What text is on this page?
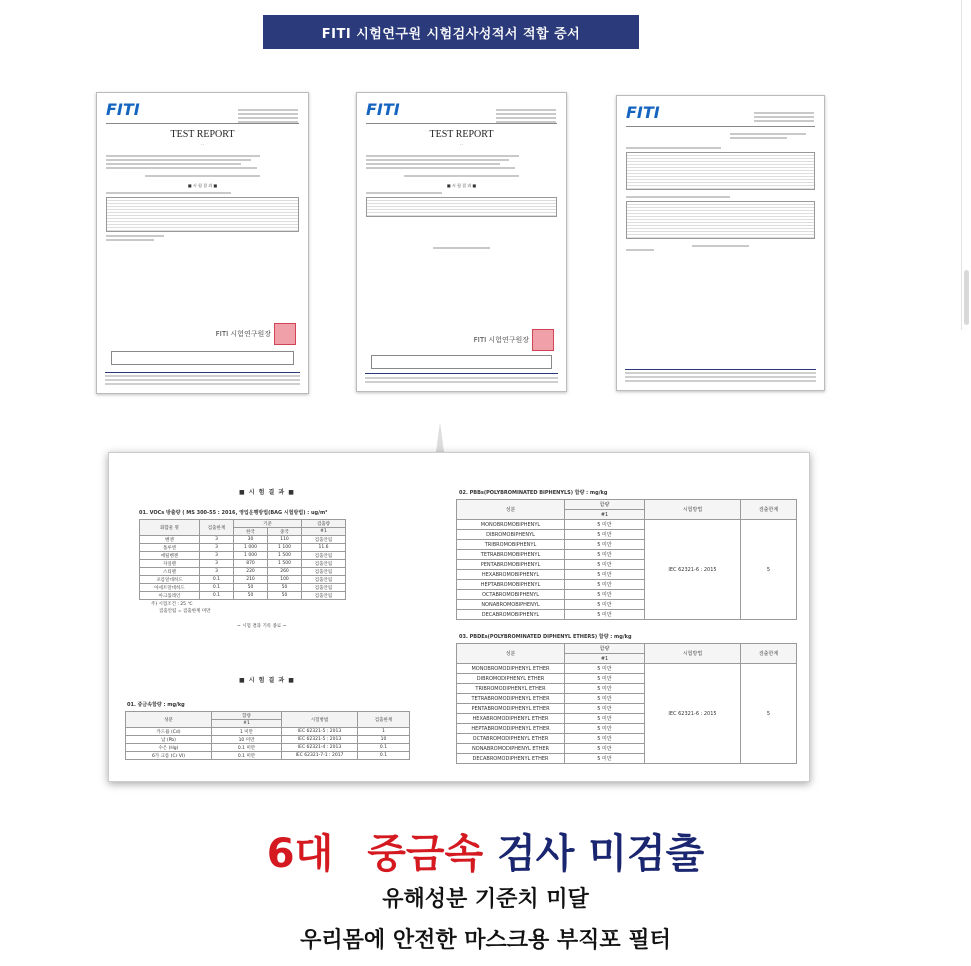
FITI 시험연구원 시험검사성적서 적합 증서
FITI
TEST REPORT
· ·
■ 시 험 결 과 ■
FITI 시험연구원장
FITI
TEST REPORT
· ·
■ 시 험 결 과 ■
FITI 시험연구원장
FITI
■ 시 험 결 과 ■
01. VOCs 방출량 ( MS 300-55 : 2016, 영업운행방법(BAG 시험방법) : ug/m³
화합물 명	검출한계	기준		검출량
		한국	중국	#1
벤젠	3	30	110	검출안됨
톨루엔	3	1 000	1 100	11.6
에틸벤젠	3	1 000	1 500	검출안됨
자일렌	3	870	1 500	검출안됨
스티렌	3	220	260	검출안됨
포름알데히드	0.1	210	100	검출안됨
아세트알데히드	0.1	50	50	검출안됨
아크롤레인	0.1	50	50	검출안됨
주) 시험조건 : 25 ℃
검출안됨 = 검출한계 미만
~ 시험 결과 기록 종료 ~
■ 시 험 결 과 ■
01. 중금속함량 : mg/kg
성분	함량	시험방법	검출한계
	#1		
카드뮴 (Cd)	1 미만	IEC 62321-5 : 2013	1
납 (Pb)	10 미만	IEC 62321-5 : 2013	10
수은 (Hg)	0.1 미만	IEC 62321-4 : 2013	0.1
6가 크롬 (Cr VI)	0.1 미만	IEC 62321-7-1 : 2017	0.1
02. PBBs(POLYBROMINATED BIPHENYLS) 함량 : mg/kg
성분	함량	시험방법	검출한계
	#1		
MONOBROMOBIPHENYL	5 미만	IEC 62321-6 : 2015	5
DIBROMOBIPHENYL	5 미만		
TRIBROMOBIPHENYL	5 미만		
TETRABROMOBIPHENYL	5 미만		
PENTABROMOBIPHENYL	5 미만		
HEXABROMOBIPHENYL	5 미만		
HEPTABROMOBIPHENYL	5 미만		
OCTABROMOBIPHENYL	5 미만		
NONABROMOBIPHENYL	5 미만		
DECABROMOBIPHENYL	5 미만		
03. PBDEs(POLYBROMINATED DIPHENYL ETHERS) 함량 : mg/kg
성분	함량	시험방법	검출한계
	#1		
MONOBROMODIPHENYL ETHER	5 미만	IEC 62321-6 : 2015	5
DIBROMODIPHENYL ETHER	5 미만		
TRIBROMODIPHENYL ETHER	5 미만		
TETRABROMODIPHENYL ETHER	5 미만		
PENTABROMODIPHENYL ETHER	5 미만		
HEXABROMODIPHENYL ETHER	5 미만		
HEPTABROMODIPHENYL ETHER	5 미만		
OCTABROMODIPHENYL ETHER	5 미만		
NONABROMODIPHENYL ETHER	5 미만		
DECABROMODIPHENYL ETHER	5 미만		
6대 중금속 검사 미검출
유해성분 기준치 미달
우리몸에 안전한 마스크용 부직포 필터
